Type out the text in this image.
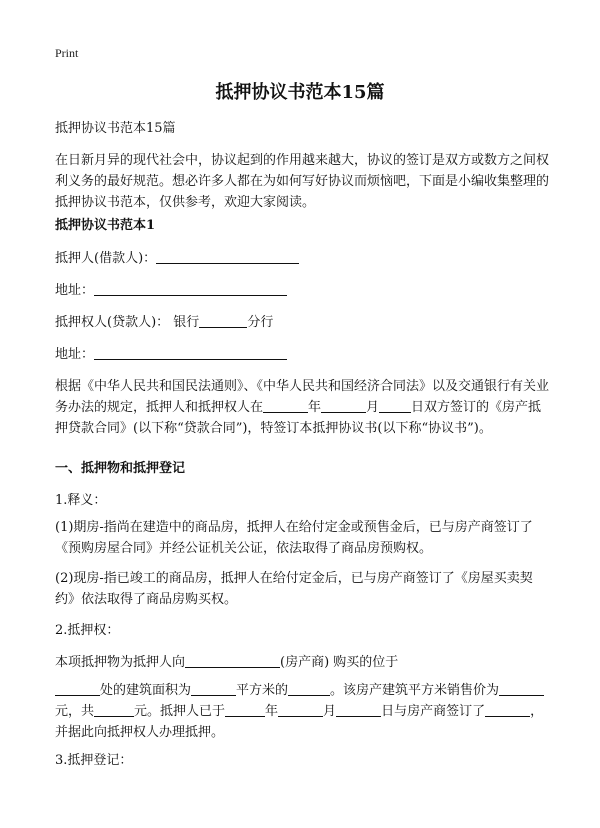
Print
抵押协议书范本15篇
抵押协议书范本15篇
在日新月异的现代社会中，协议起到的作用越来越大，协议的签订是双方或数方之间权利义务的最好规范。想必许多人都在为如何写好协议而烦恼吧，下面是小编收集整理的抵押协议书范本，仅供参考，欢迎大家阅读。
抵押协议书范本1
抵押人(借款人)：
地址：
抵押权人(贷款人)： 银行	分行
地址：
根据《中华人民共和国民法通则》、《中华人民共和国经济合同法》以及交通银行有关业务办法的规定，抵押人和抵押权人在	年	月 日双方签订的《房产抵押贷款合同》(以下称“贷款合同”)，特签订本抵押协议书(以下称“协议书”)。
一、抵押物和抵押登记
1.释义：
(1)期房-指尚在建造中的商品房，抵押人在给付定金或预售金后，已与房产商签订了《预购房屋合同》并经公证机关公证，依法取得了商品房预购权。
(2)现房-指已竣工的商品房，抵押人在给付定金后，已与房产商签订了《房屋买卖契约》依法取得了商品房购买权。
2.抵押权：
本项抵押物为抵押人向	(房产商) 购买的位于
处的建筑面积为	平方米的	。该房产建筑平方米销售价为元，共	元。抵押人已于	年	月	日与房产商签订了	，并据此向抵押权人办理抵押。
3.抵押登记：
